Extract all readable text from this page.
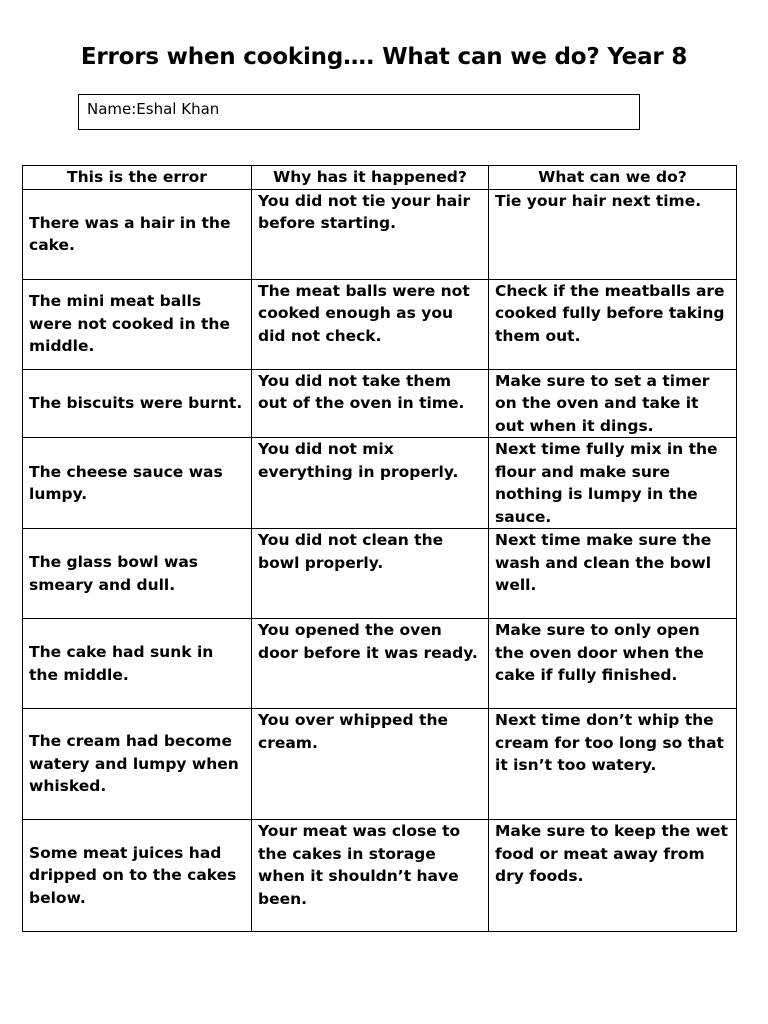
Errors when cooking…. What can we do? Year 8
Name:Eshal Khan
This is the error	Why has it happened?	What can we do?
There was a hair in the cake.	You did not tie your hair before starting.	Tie your hair next time.
The mini meat balls were not cooked in the middle.	The meat balls were not cooked enough as you did not check.	Check if the meatballs are cooked fully before taking them out.
The biscuits were burnt.	You did not take them out of the oven in time.	Make sure to set a timer on the oven and take it out when it dings.
The cheese sauce was lumpy.	You did not mix everything in properly.	Next time fully mix in the flour and make sure nothing is lumpy in the sauce.
The glass bowl was smeary and dull.	You did not clean the bowl properly.	Next time make sure the wash and clean the bowl well.
The cake had sunk in the middle.	You opened the oven door before it was ready.	Make sure to only open the oven door when the cake if fully finished.
The cream had become watery and lumpy when whisked.	You over whipped the cream.	Next time don’t whip the cream for too long so that it isn’t too watery.
Some meat juices had dripped on to the cakes below.	Your meat was close to the cakes in storage when it shouldn’t have been.	Make sure to keep the wet food or meat away from dry foods.
